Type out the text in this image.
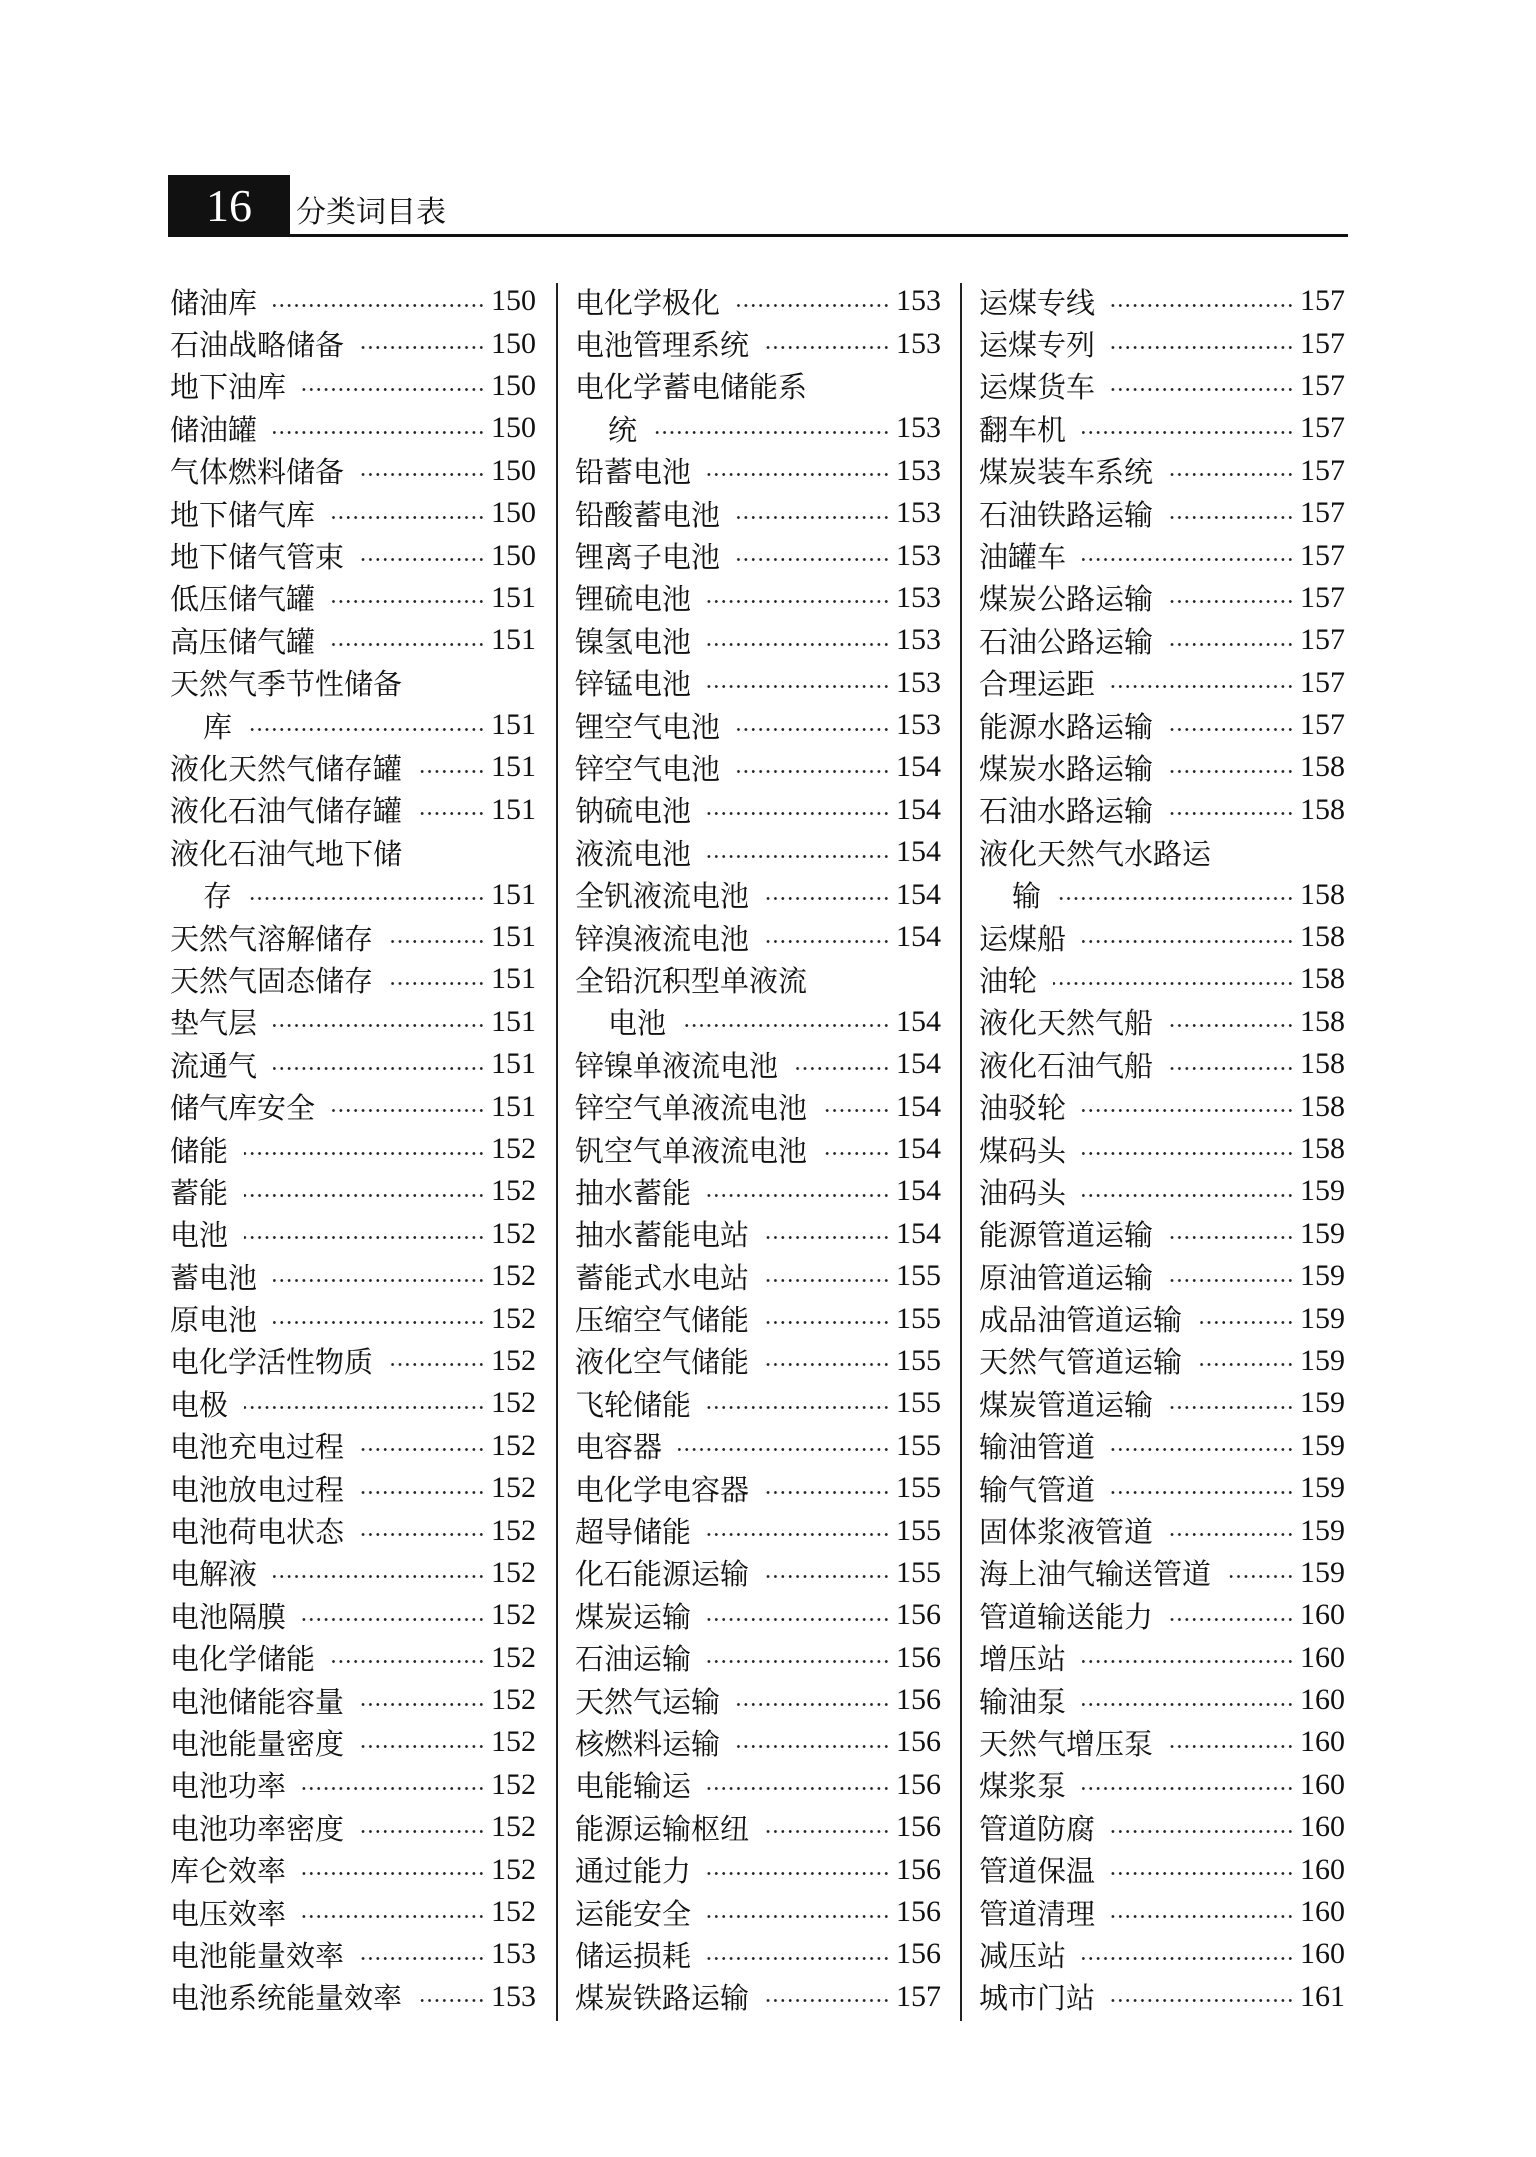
16	分类词目表
储油库	150
石油战略储备	150
地下油库	150
储油罐	150
气体燃料储备	150
地下储气库	150
地下储气管束	150
低压储气罐	151
高压储气罐	151
天然气季节性储备
库	151
液化天然气储存罐	151
液化石油气储存罐	151
液化石油气地下储
存	151
天然气溶解储存	151
天然气固态储存	151
垫气层	151
流通气	151
储气库安全	151
储能	152
蓄能	152
电池	152
蓄电池	152
原电池	152
电化学活性物质	152
电极	152
电池充电过程	152
电池放电过程	152
电池荷电状态	152
电解液	152
电池隔膜	152
电化学储能	152
电池储能容量	152
电池能量密度	152
电池功率	152
电池功率密度	152
库仑效率	152
电压效率	152
电池能量效率	153
电池系统能量效率	153
电化学极化	153
电池管理系统	153
电化学蓄电储能系
统	153
铅蓄电池	153
铅酸蓄电池	153
锂离子电池	153
锂硫电池	153
镍氢电池	153
锌锰电池	153
锂空气电池	153
锌空气电池	154
钠硫电池	154
液流电池	154
全钒液流电池	154
锌溴液流电池	154
全铅沉积型单液流
电池	154
锌镍单液流电池	154
锌空气单液流电池	154
钒空气单液流电池	154
抽水蓄能	154
抽水蓄能电站	154
蓄能式水电站	155
压缩空气储能	155
液化空气储能	155
飞轮储能	155
电容器	155
电化学电容器	155
超导储能	155
化石能源运输	155
煤炭运输	156
石油运输	156
天然气运输	156
核燃料运输	156
电能输运	156
能源运输枢纽	156
通过能力	156
运能安全	156
储运损耗	156
煤炭铁路运输	157
运煤专线	157
运煤专列	157
运煤货车	157
翻车机	157
煤炭装车系统	157
石油铁路运输	157
油罐车	157
煤炭公路运输	157
石油公路运输	157
合理运距	157
能源水路运输	157
煤炭水路运输	158
石油水路运输	158
液化天然气水路运
输	158
运煤船	158
油轮	158
液化天然气船	158
液化石油气船	158
油驳轮	158
煤码头	158
油码头	159
能源管道运输	159
原油管道运输	159
成品油管道运输	159
天然气管道运输	159
煤炭管道运输	159
输油管道	159
输气管道	159
固体浆液管道	159
海上油气输送管道	159
管道输送能力	160
增压站	160
输油泵	160
天然气增压泵	160
煤浆泵	160
管道防腐	160
管道保温	160
管道清理	160
减压站	160
城市门站	161
